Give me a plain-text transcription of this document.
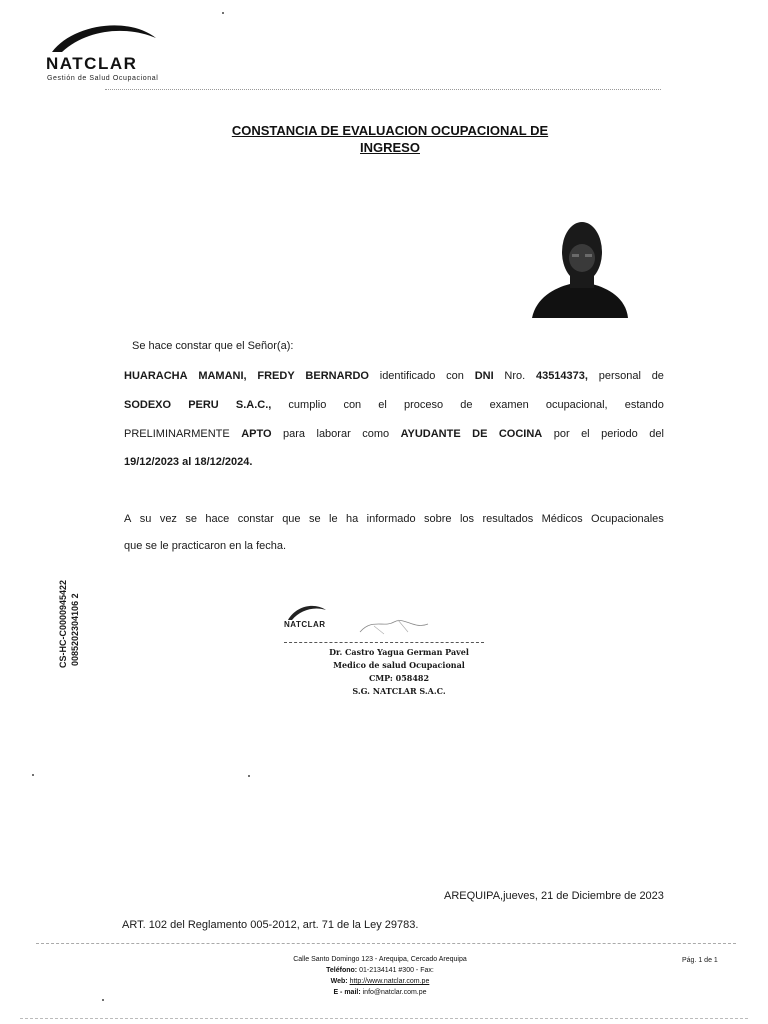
NATCLAR
Gestión de Salud Ocupacional
CONSTANCIA DE EVALUACION OCUPACIONAL DE
INGRESO
Se hace constar que el Señor(a):
HUARACHA MAMANI, FREDY BERNARDO identificado con DNI Nro. 43514373, personal de
SODEXO PERU S.A.C., cumplio con el proceso de examen ocupacional, estando
PRELIMINARMENTE APTO para laborar como AYUDANTE DE COCINA por el periodo del
19/12/2023 al 18/12/2024.
A su vez se hace constar que se le ha informado sobre los resultados Médicos Ocupacionales
que se le practicaron en la fecha.
CS-HC-C0000945422 0085202304106 2	NATCLAR
Dr. Castro Yagua German Pavel
Medico de salud Ocupacional
CMP: 058482
S.G. NATCLAR S.A.C.
AREQUIPA,jueves, 21 de Diciembre de 2023
ART. 102 del Reglamento 005-2012, art. 71 de la Ley 29783.
Calle Santo Domingo 123 - Arequipa, Cercado Arequipa
Teléfono: 01-2134141 #300 - Fax:
Web: http://www.natclar.com.pe
E - mail: info@natclar.com.pe
Pág. 1 de 1
